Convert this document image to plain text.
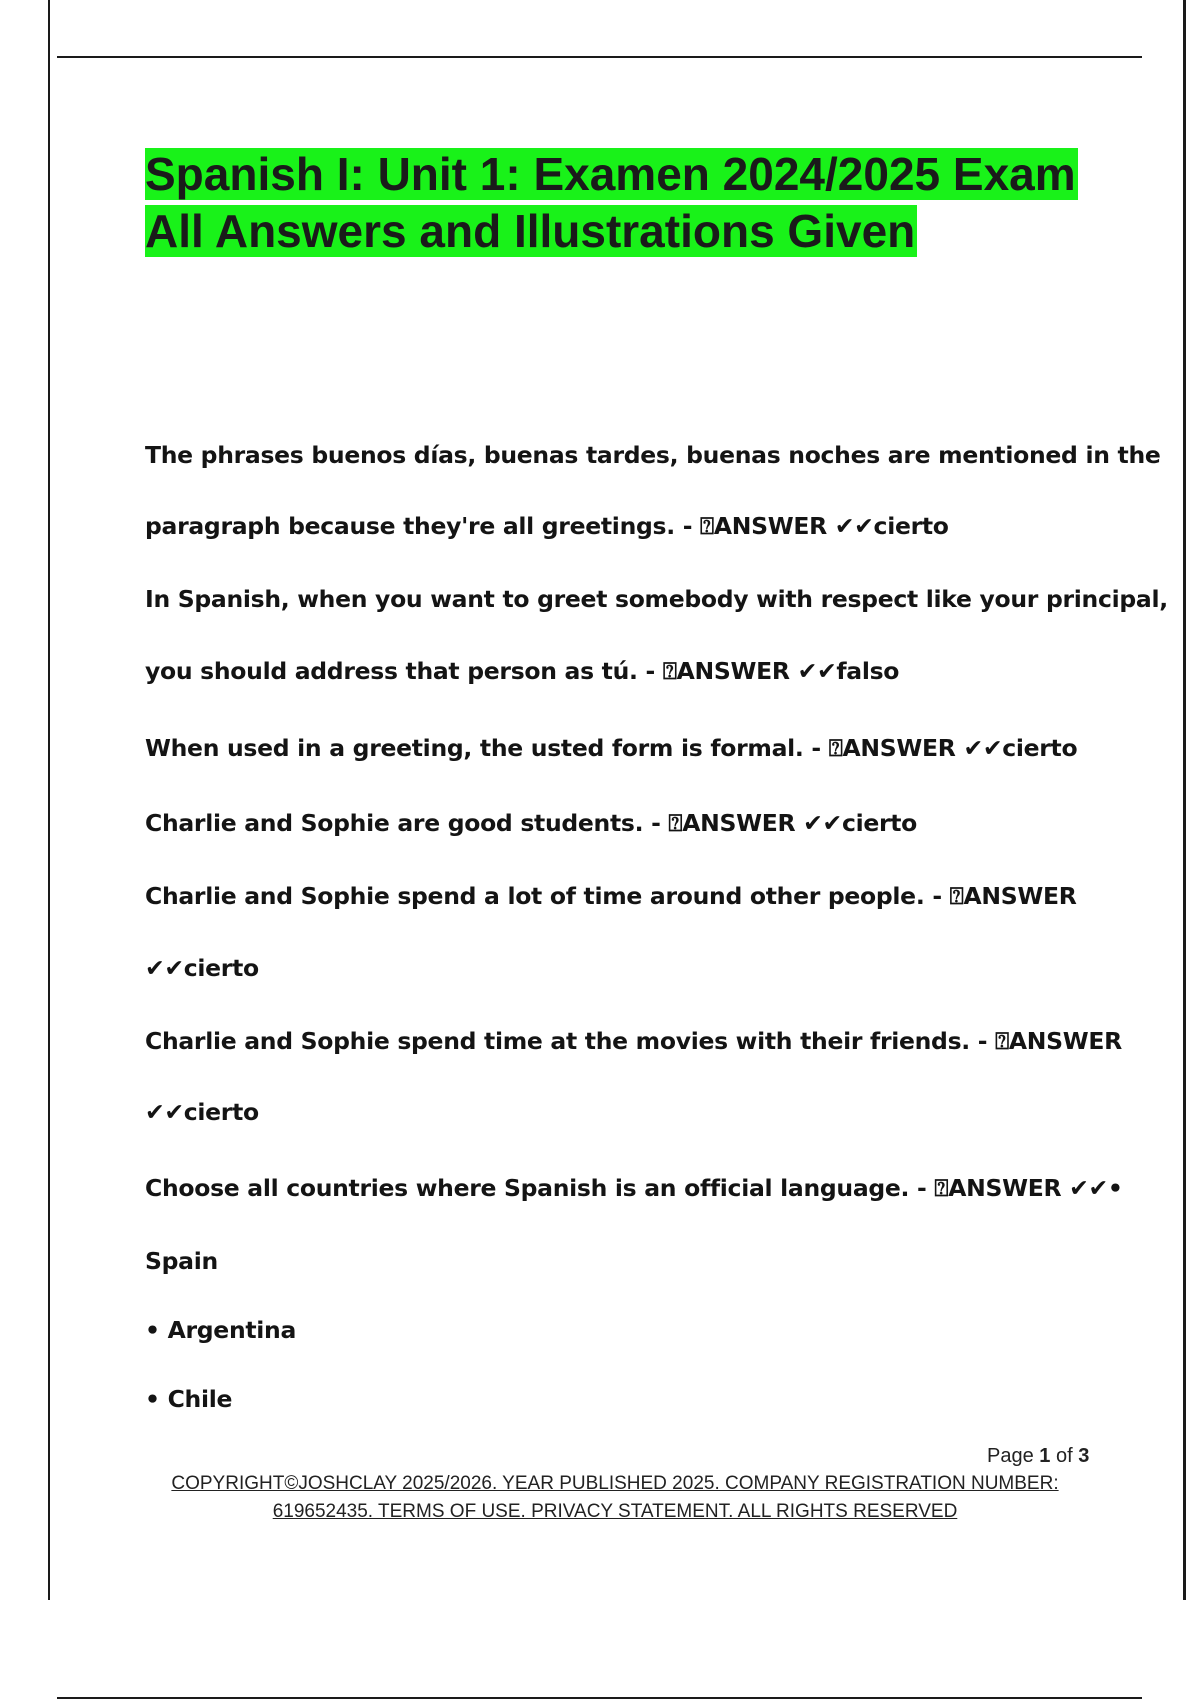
Spanish I: Unit 1: Examen 2024/2025 Exam All Answers and Illustrations Given
The phrases buenos días, buenas tardes, buenas noches are mentioned in the
paragraph because they're all greetings. - ⍰ANSWER ✔✔cierto
In Spanish, when you want to greet somebody with respect like your principal,
you should address that person as tú. - ⍰ANSWER ✔✔falso
When used in a greeting, the usted form is formal. - ⍰ANSWER ✔✔cierto
Charlie and Sophie are good students. - ⍰ANSWER ✔✔cierto
Charlie and Sophie spend a lot of time around other people. - ⍰ANSWER
✔✔cierto
Charlie and Sophie spend time at the movies with their friends. - ⍰ANSWER
✔✔cierto
Choose all countries where Spanish is an official language. - ⍰ANSWER ✔✔•
Spain
• Argentina
• Chile
Page 1 of 3
COPYRIGHT©JOSHCLAY 2025/2026. YEAR PUBLISHED 2025. COMPANY REGISTRATION NUMBER:
619652435. TERMS OF USE. PRIVACY STATEMENT. ALL RIGHTS RESERVED
